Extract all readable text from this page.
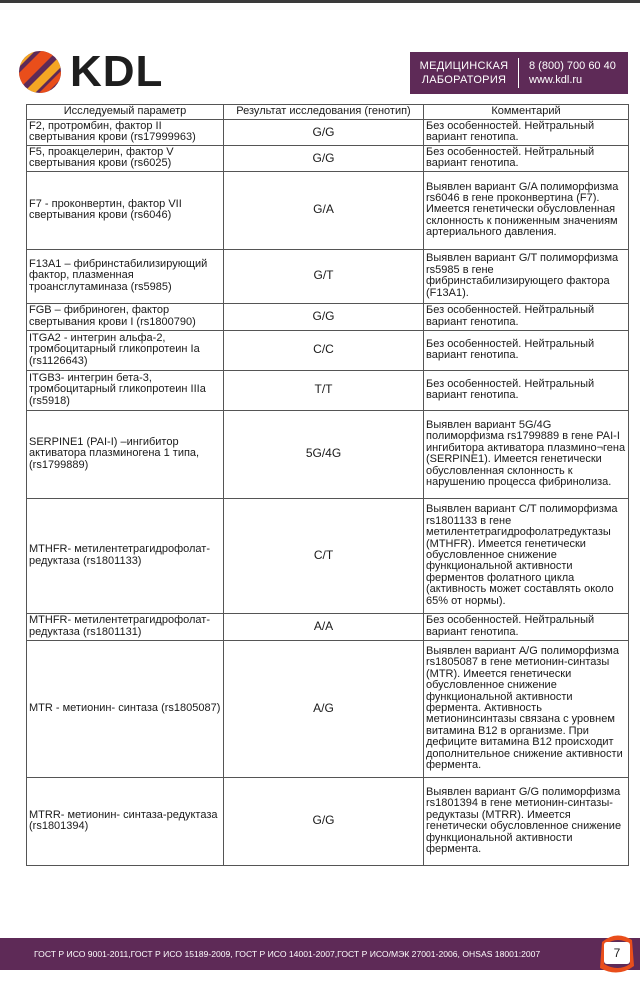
KDL	МЕДИЦИНСКАЯ
ЛАБОРАТОРИЯ
8 (800) 700 60 40
www.kdl.ru
Исследуемый параметр	Результат исследования (генотип)	Комментарий
F2, протромбин, фактор II свертывания крови (rs17999963)	G/G	Без особенностей. Нейтральный вариант генотипа.
F5, проакцелерин, фактор V свертывания крови (rs6025)	G/G	Без особенностей. Нейтральный вариант генотипа.
F7 - проконвертин, фактор VII свертывания крови (rs6046)	G/A	Выявлен вариант G/A полиморфизма rs6046 в гене проконвертина (F7). Имеется генетически обусловленная склонность к пониженным значениям артериального давления.
F13A1 – фибринстабилизирующий фактор, плазменная троансглутаминаза (rs5985)	G/T	Выявлен вариант G/T полиморфизма rs5985 в гене фибринстабилизирующего фактора (F13A1).
FGB – фибриноген, фактор свертывания крови I (rs1800790)	G/G	Без особенностей. Нейтральный вариант генотипа.
ITGA2 - интегрин альфа-2, тромбоцитарный гликопротеин Ia (rs1126643)	C/C	Без особенностей. Нейтральный вариант генотипа.
ITGB3- интегрин бета-3, тромбоцитарный гликопротеин IIIa (rs5918)	T/T	Без особенностей. Нейтральный вариант генотипа.
SERPINE1 (PAI-I) –ингибитор активатора плазминогена 1 типа, (rs1799889)	5G/4G	Выявлен вариант 5G/4G полиморфизма rs1799889 в гене PAI-I ингибитора активатора плазмино¬гена (SERPINE1). Имеется генетически обусловленная склонность к нарушению процесса фибринолиза.
MTHFR- метилентетрагидрофолат-редуктаза (rs1801133)	C/T	Выявлен вариант C/T полиморфизма rs1801133 в гене метилентетрагидрофолатредуктазы (MTHFR). Имеется генетически обусловленное снижение функциональной активности ферментов фолатного цикла (активность может составлять около 65% от нормы).
MTHFR- метилентетрагидрофолат-редуктаза (rs1801131)	A/A	Без особенностей. Нейтральный вариант генотипа.
MTR - метионин- синтаза (rs1805087)	A/G	Выявлен вариант A/G полиморфизма rs1805087 в гене метионин-синтазы (MTR). Имеется генетически обусловленное снижение функциональной активности фермента. Активность метионинсинтазы связана с уровнем витамина B12 в организме. При дефиците витамина B12 происходит дополнительное снижение активности фермента.
MTRR- метионин- синтаза-редуктаза (rs1801394)	G/G	Выявлен вариант G/G полиморфизма rs1801394 в гене метионин-синтазы-редуктазы (MTRR). Имеется генетически обусловленное снижение функциональной активности фермента.
ГОСТ Р ИСО 9001-2011,ГОСТ Р ИСО 15189-2009, ГОСТ Р ИСО 14001-2007,ГОСТ Р ИСО/МЭК 27001-2006, OHSAS 18001:2007	7
